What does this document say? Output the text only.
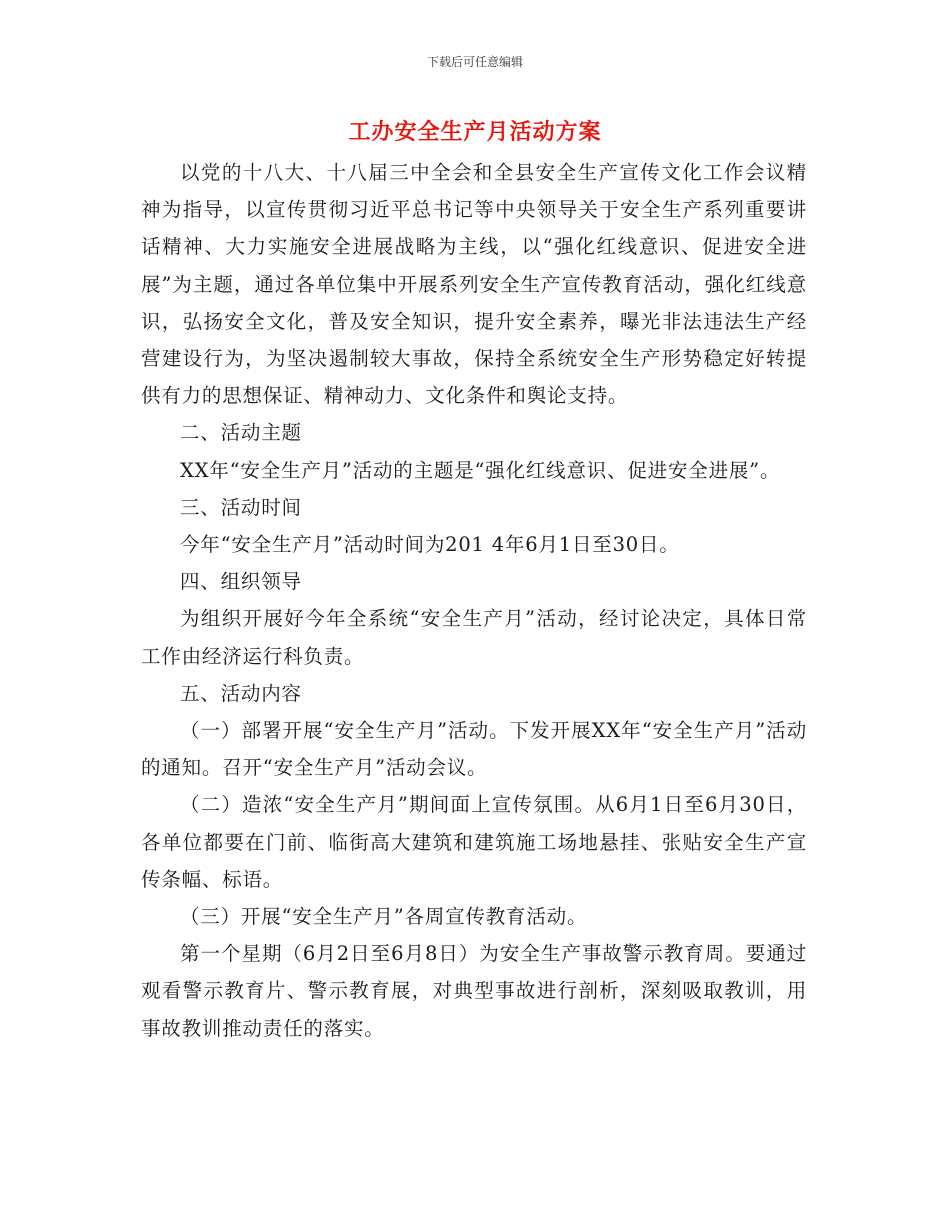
下载后可任意编辑
工办安全生产月活动方案

以党的十八大、十八届三中全会和全县安全生产宣传文化工作会议精神为指导，以宣传贯彻习近平总书记等中央领导关于安全生产系列重要讲话精神、大力实施安全进展战略为主线，以“强化红线意识、促进安全进展”为主题，通过各单位集中开展系列安全生产宣传教育活动，强化红线意识，弘扬安全文化，普及安全知识，提升安全素养，曝光非法违法生产经营建设行为，为坚决遏制较大事故，保持全系统安全生产形势稳定好转提供有力的思想保证、精神动力、文化条件和舆论支持。

二、活动主题

XX年“安全生产月”活动的主题是“强化红线意识、促进安全进展”。

三、活动时间

今年“安全生产月”活动时间为201 4年6月1日至30日。

四、组织领导

为组织开展好今年全系统“安全生产月”活动，经讨论决定，具体日常工作由经济运行科负责。

五、活动内容

（一）部署开展“安全生产月”活动。下发开展XX年“安全生产月”活动的通知。召开“安全生产月”活动会议。

（二）造浓“安全生产月”期间面上宣传氛围。从6月1日至6月30日，各单位都要在门前、临街高大建筑和建筑施工场地悬挂、张贴安全生产宣传条幅、标语。

（三）开展“安全生产月”各周宣传教育活动。

第一个星期（6月2日至6月8日）为安全生产事故警示教育周。要通过观看警示教育片、警示教育展，对典型事故进行剖析，深刻吸取教训，用事故教训推动责任的落实。
